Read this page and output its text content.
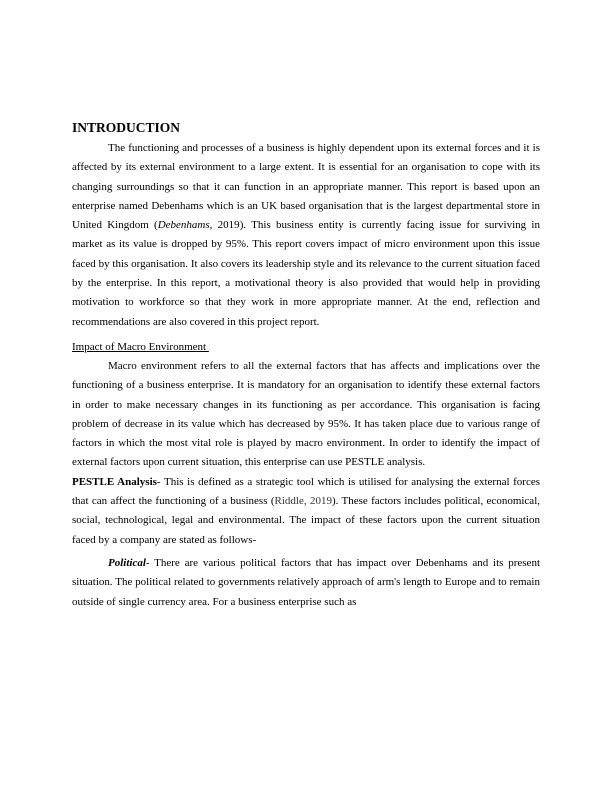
INTRODUCTION

The functioning and processes of a business is highly dependent upon its external forces and it is affected by its external environment to a large extent. It is essential for an organisation to cope with its changing surroundings so that it can function in an appropriate manner. This report is based upon an enterprise named Debenhams which is an UK based organisation that is the largest departmental store in United Kingdom (Debenhams, 2019). This business entity is currently facing issue for surviving in market as its value is dropped by 95%. This report covers impact of micro environment upon this issue faced by this organisation. It also covers its leadership style and its relevance to the current situation faced by the enterprise. In this report, a motivational theory is also provided that would help in providing motivation to workforce so that they work in more appropriate manner. At the end, reflection and recommendations are also covered in this project report.

Impact of Macro Environment

Macro environment refers to all the external factors that has affects and implications over the functioning of a business enterprise. It is mandatory for an organisation to identify these external factors in order to make necessary changes in its functioning as per accordance. This organisation is facing problem of decrease in its value which has decreased by 95%. It has taken place due to various range of factors in which the most vital role is played by macro environment. In order to identify the impact of external factors upon current situation, this enterprise can use PESTLE analysis.

PESTLE Analysis- This is defined as a strategic tool which is utilised for analysing the external forces that can affect the functioning of a business (Riddle, 2019). These factors includes political, economical, social, technological, legal and environmental. The impact of these factors upon the current situation faced by a company are stated as follows-

Political- There are various political factors that has impact over Debenhams and its present situation. The political related to governments relatively approach of arm's length to Europe and to remain outside of single currency area. For a business enterprise such as
